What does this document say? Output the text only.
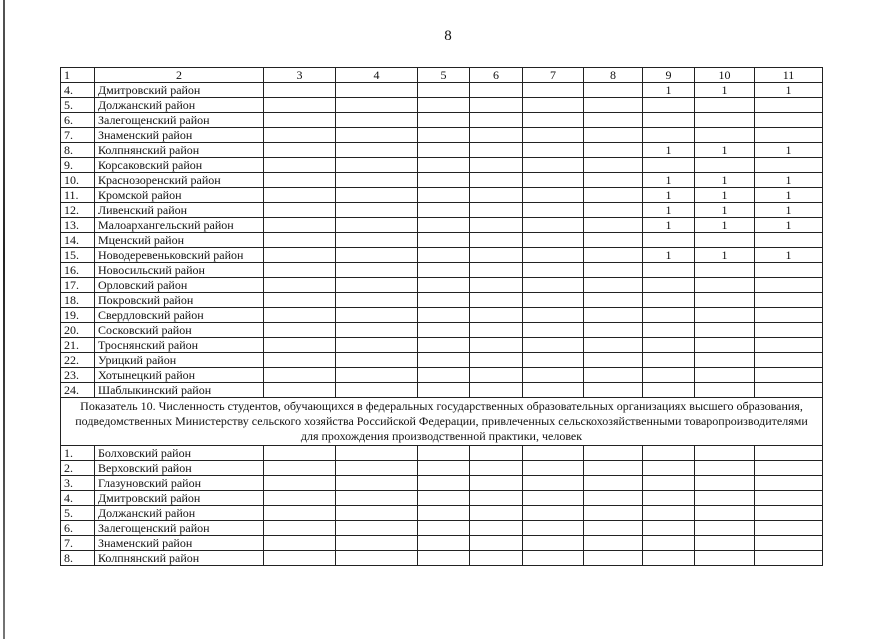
8
1	2	3	4	5	6	7	8	9	10	11
4.	Дмитровский район							1	1	1
5.	Должанский район									
6.	Залегощенский район									
7.	Знаменский район									
8.	Колпнянский район							1	1	1
9.	Корсаковский район									
10.	Краснозоренский район							1	1	1
11.	Кромской район							1	1	1
12.	Ливенский район							1	1	1
13.	Малоархангельский район							1	1	1
14.	Мценский район									
15.	Новодеревеньковский район							1	1	1
16.	Новосильский район									
17.	Орловский район									
18.	Покровский район									
19.	Свердловский район									
20.	Сосковский район									
21.	Троснянский район									
22.	Урицкий район									
23.	Хотынецкий район									
24.	Шаблыкинский район									
Показатель 10. Численность студентов, обучающихся в федеральных государственных образовательных организациях высшего образования, подведомственных Министерству сельского хозяйства Российской Федерации, привлеченных сельскохозяйственными товаропроизводителями для прохождения производственной практики, человек										
1.	Болховский район									
2.	Верховский район									
3.	Глазуновский район									
4.	Дмитровский район									
5.	Должанский район									
6.	Залегощенский район									
7.	Знаменский район									
8.	Колпнянский район									
